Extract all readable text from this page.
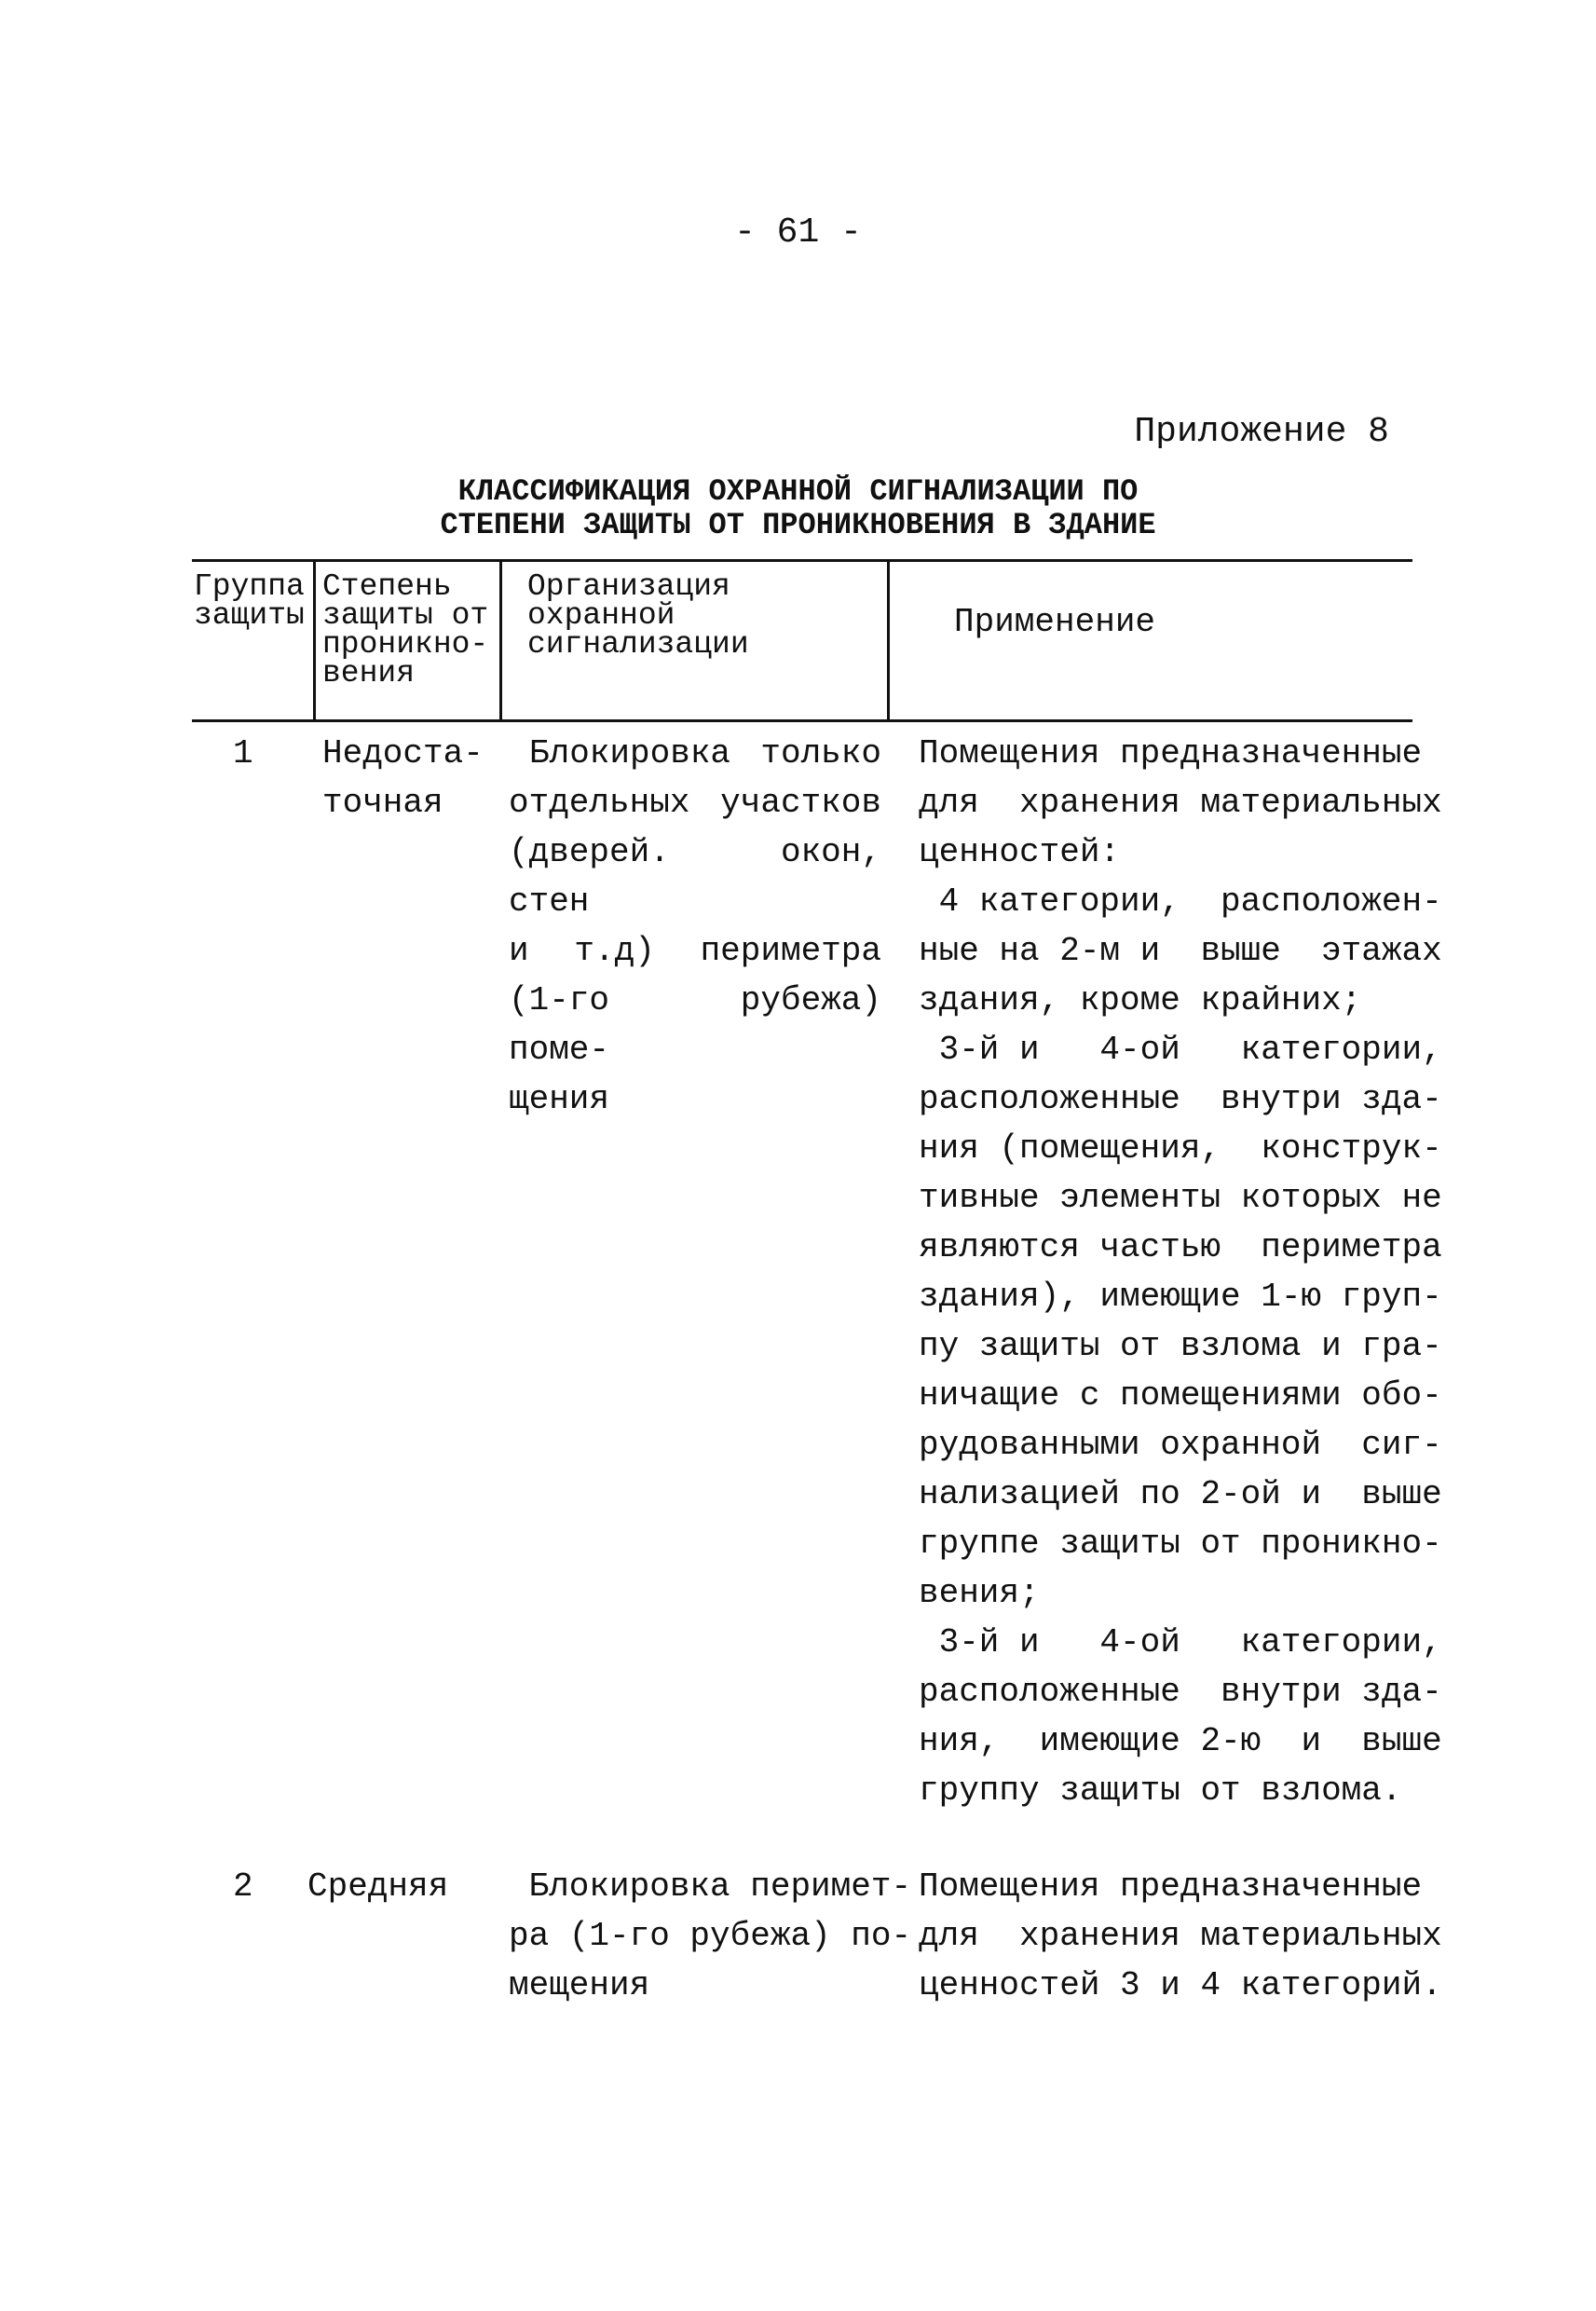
- 61 -
Приложение 8
КЛАССИФИКАЦИЯ ОХРАННОЙ СИГНАЛИЗАЦИИ ПО
СТЕПЕНИ ЗАЩИТЫ ОТ ПРОНИКНОВЕНИЯ В ЗДАНИЕ
Группа
защиты
Степень
защиты от
проникно-
вения
Организация
охранной
сигнализации
Применение
1 Недоста-
точная
Блокировка только
отдельных участков
(дверей. окон, стен
и т.д) периметра
(1-го рубежа) поме-
щения
Помещения предназначенные
для  хранения материальных
ценностей:
4 категории,  расположен-
ные на 2-м и  выше  этажах
здания, кроме крайних;
3-й и   4-ой   категории,
расположенные  внутри зда-
ния (помещения,  конструк-
тивные элементы которых не
являются частью  периметра
здания), имеющие 1-ю груп-
пу защиты от взлома и гра-
ничащие с помещениями обо-
рудованными охранной  сиг-
нализацией по 2-ой и  выше
группе защиты от проникно-
вения;
3-й и   4-ой   категории,
расположенные  внутри зда-
ния,  имеющие 2-ю  и  выше
группу защиты от взлома.
2 Средняя Блокировка перимет-
ра (1-го рубежа) по-
мещения
Помещения предназначенные
для  хранения материальных
ценностей 3 и 4 категорий.
